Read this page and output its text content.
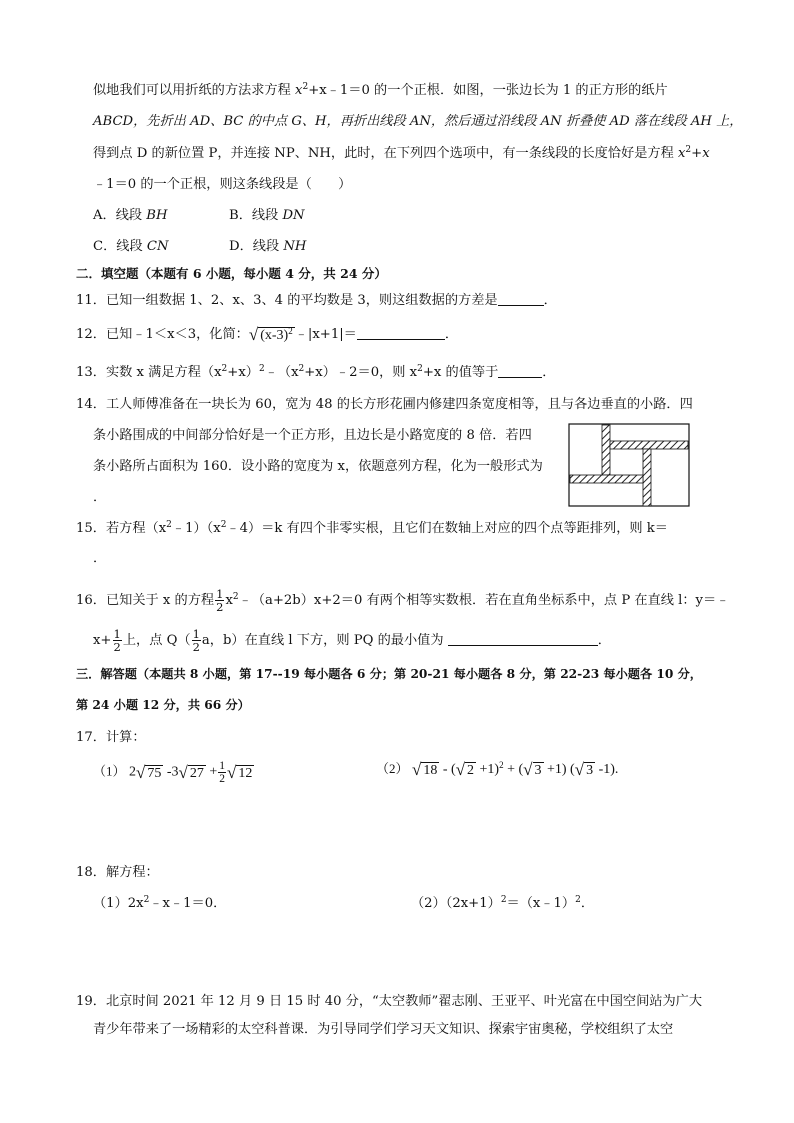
似地我们可以用折纸的方法求方程 $x^2+x﹣1=0$ 的一个正根．如图，一张边长为 1 的正方形的纸片
ABCD，先折出 AD、BC 的中点 G、H，再折出线段 AN，然后通过沿线段 AN 折叠使 AD 落在线段 AH 上，
得到点 D 的新位置 P，并连接 NP、NH，此时，在下列四个选项中，有一条线段的长度恰好是方程 $x^2+x$
﹣1＝0 的一个正根，则这条线段是（　　）
A．线段 BH	B．线段 DN
C．线段 CN	D．线段 NH
二．填空题（本题有 6 小题，每小题 4 分，共 24 分）
11．已知一组数据 1、2、x、3、4 的平均数是 3，则这组数据的方差是	．
12．已知﹣1＜x＜3，化简： √ $(x-3)^2$ ﹣|x+1|＝	．
13．实数 x 满足方程$(x^2+x)^2﹣(x^2+x)﹣2=0$，则 $x^2+x$ 的值等于	．
14．工人师傅准备在一块长为 60，宽为 48 的长方形花圃内修建四条宽度相等，且与各边垂直的小路．四
条小路围成的中间部分恰好是一个正方形，且边长是小路宽度的 8 倍．若四
条小路所占面积为 160．设小路的宽度为 x，依题意列方程，化为一般形式为
．
15．若方程$(x^2﹣1)(x^2﹣4)=k$ 有四个非零实根，且它们在数轴上对应的四个点等距排列，则 k＝
．
16．已知关于 x 的方程 $\frac{1}{2}$ $x^2﹣(a+2b)x+2=0$ 有两个相等实数根．若在直角坐标系中，点 P 在直线 l：y＝﹣
$x+ \frac{1}{2}$ 上，点 $Q( \frac{1}{2}$ a，b）在直线 l 下方，则 PQ 的最小值为	．
三．解答题（本题共 8 小题，第 17--19 每小题各 6 分；第 20-21 每小题各 8 分，第 22-23 每小题各 10 分，
第 24 小题 12 分，共 66 分）
17．计算：
（1） 2 √ 75 -3 √ $27 + \frac{1}{2}$ √ 12	（2） √ 18 - ( √ 2 +1)$^2$ + ( √ 3 +1) ( √ 3 -1).
18．解方程：
$(1)2x^2﹣x﹣1=0$．	$(2)(2x+1)^2=(x﹣1)^2$．
19．北京时间 2021 年 12 月 9 日 15 时 40 分，“太空教师”翟志刚、王亚平、叶光富在中国空间站为广大
青少年带来了一场精彩的太空科普课．为引导同学们学习天文知识、探索宇宙奥秘，学校组织了太空
